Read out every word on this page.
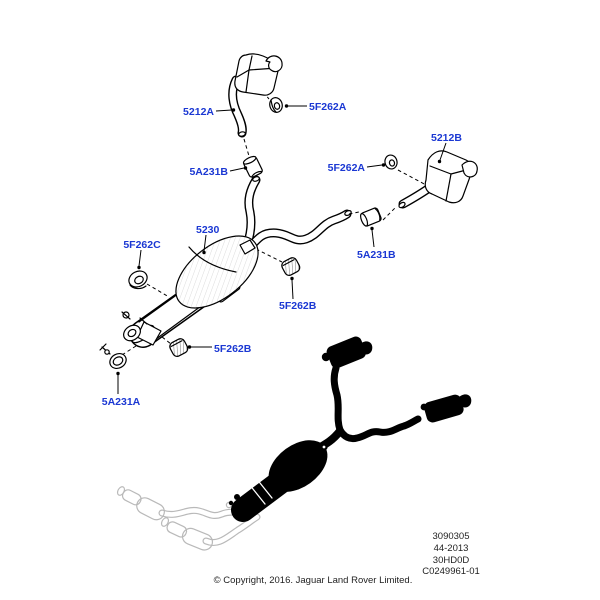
5212A	5F262A
5212B
5F262A
5A231B
5A231B
5230
5F262C
5F262B
5F262B
5A231A
3090305
44-2013
30HD0D
C0249961-01
© Copyright, 2016. Jaguar Land Rover Limited.
